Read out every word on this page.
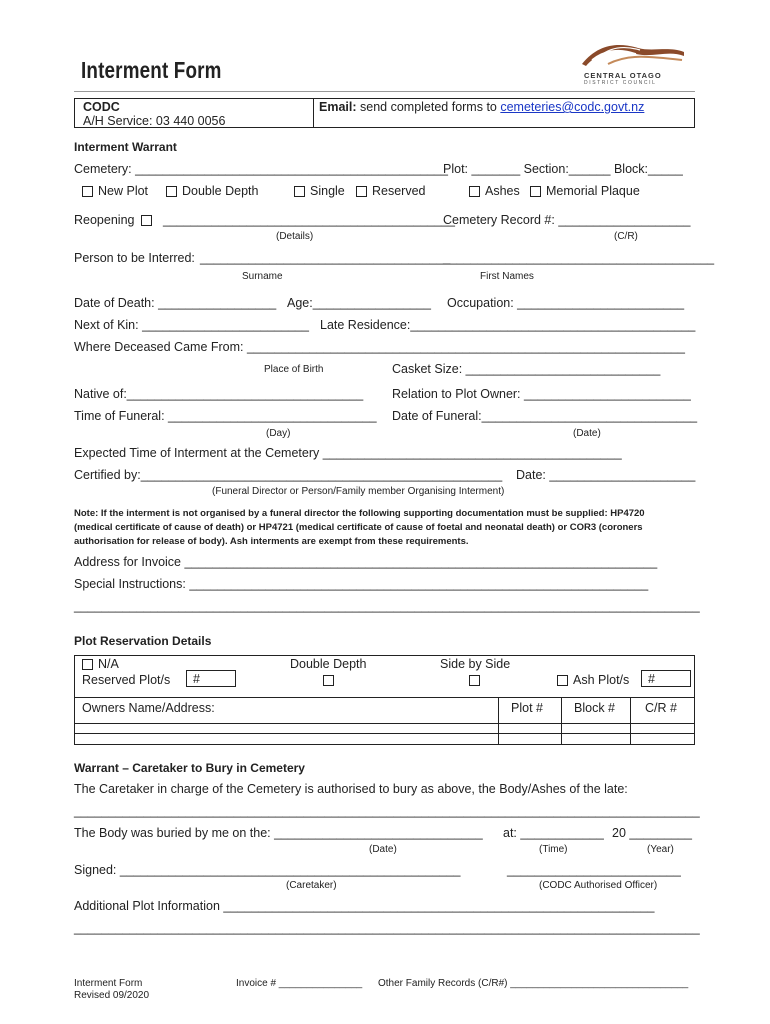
Interment Form	CENTRAL OTAGO
DISTRICT COUNCIL
CODC
A/H Service: 03 440 0056
Email: send completed forms to cemeteries@codc.govt.nz
Interment Warrant
Cemetery: _____________________________________________
Plot: _______ Section:______ Block:_____
New Plot	Double Depth	Single	Reserved	Ashes	Memorial Plaque
Reopening	__________________________________________
Cemetery Record #: ___________________
(Details)	(C/R)
Person to be Interred: ____________________________________
_______________________________________
Surname	First Names
Date of Death: _________________ Age:_________________ Occupation: ________________________
Next of Kin: ________________________ Late Residence:_________________________________________
Where Deceased Came From: _______________________________________________________________
Place of Birth	Casket Size: ____________________________
Native of:__________________________________ Relation to Plot Owner: ________________________
Time of Funeral: ______________________________ Date of Funeral:_______________________________
(Day)	(Date)
Expected Time of Interment at the Cemetery ___________________________________________
Certified by:____________________________________________________ Date: _____________________
(Funeral Director or Person/Family member Organising Interment)
Note: If the interment is not organised by a funeral director the following supporting documentation must be supplied: HP4720
(medical certificate of cause of death) or HP4721 (medical certificate of cause of foetal and neonatal death) or COR3 (coroners
authorisation for release of body). Ash interments are exempt from these requirements.
Address for Invoice ____________________________________________________________________
Special Instructions: __________________________________________________________________
__________________________________________________________________________________________
Plot Reservation Details
N/A
Reserved Plot/s #
Double Depth	Side by Side
Ash Plot/s #
Owners Name/Address:	Plot # Block # C/R #
Warrant – Caretaker to Bury in Cemetery
The Caretaker in charge of the Cemetery is authorised to bury as above, the Body/Ashes of the late:
__________________________________________________________________________________________
The Body was buried by me on the: ______________________________ at: ____________ 20 _________
(Date)	(Time)	(Year)
Signed: _________________________________________________	_________________________
(Caretaker)	(CODC Authorised Officer)
Additional Plot Information ______________________________________________________________
__________________________________________________________________________________________
Interment Form
Revised 09/2020
Invoice # _______________ Other Family Records (C/R#) ________________________________
